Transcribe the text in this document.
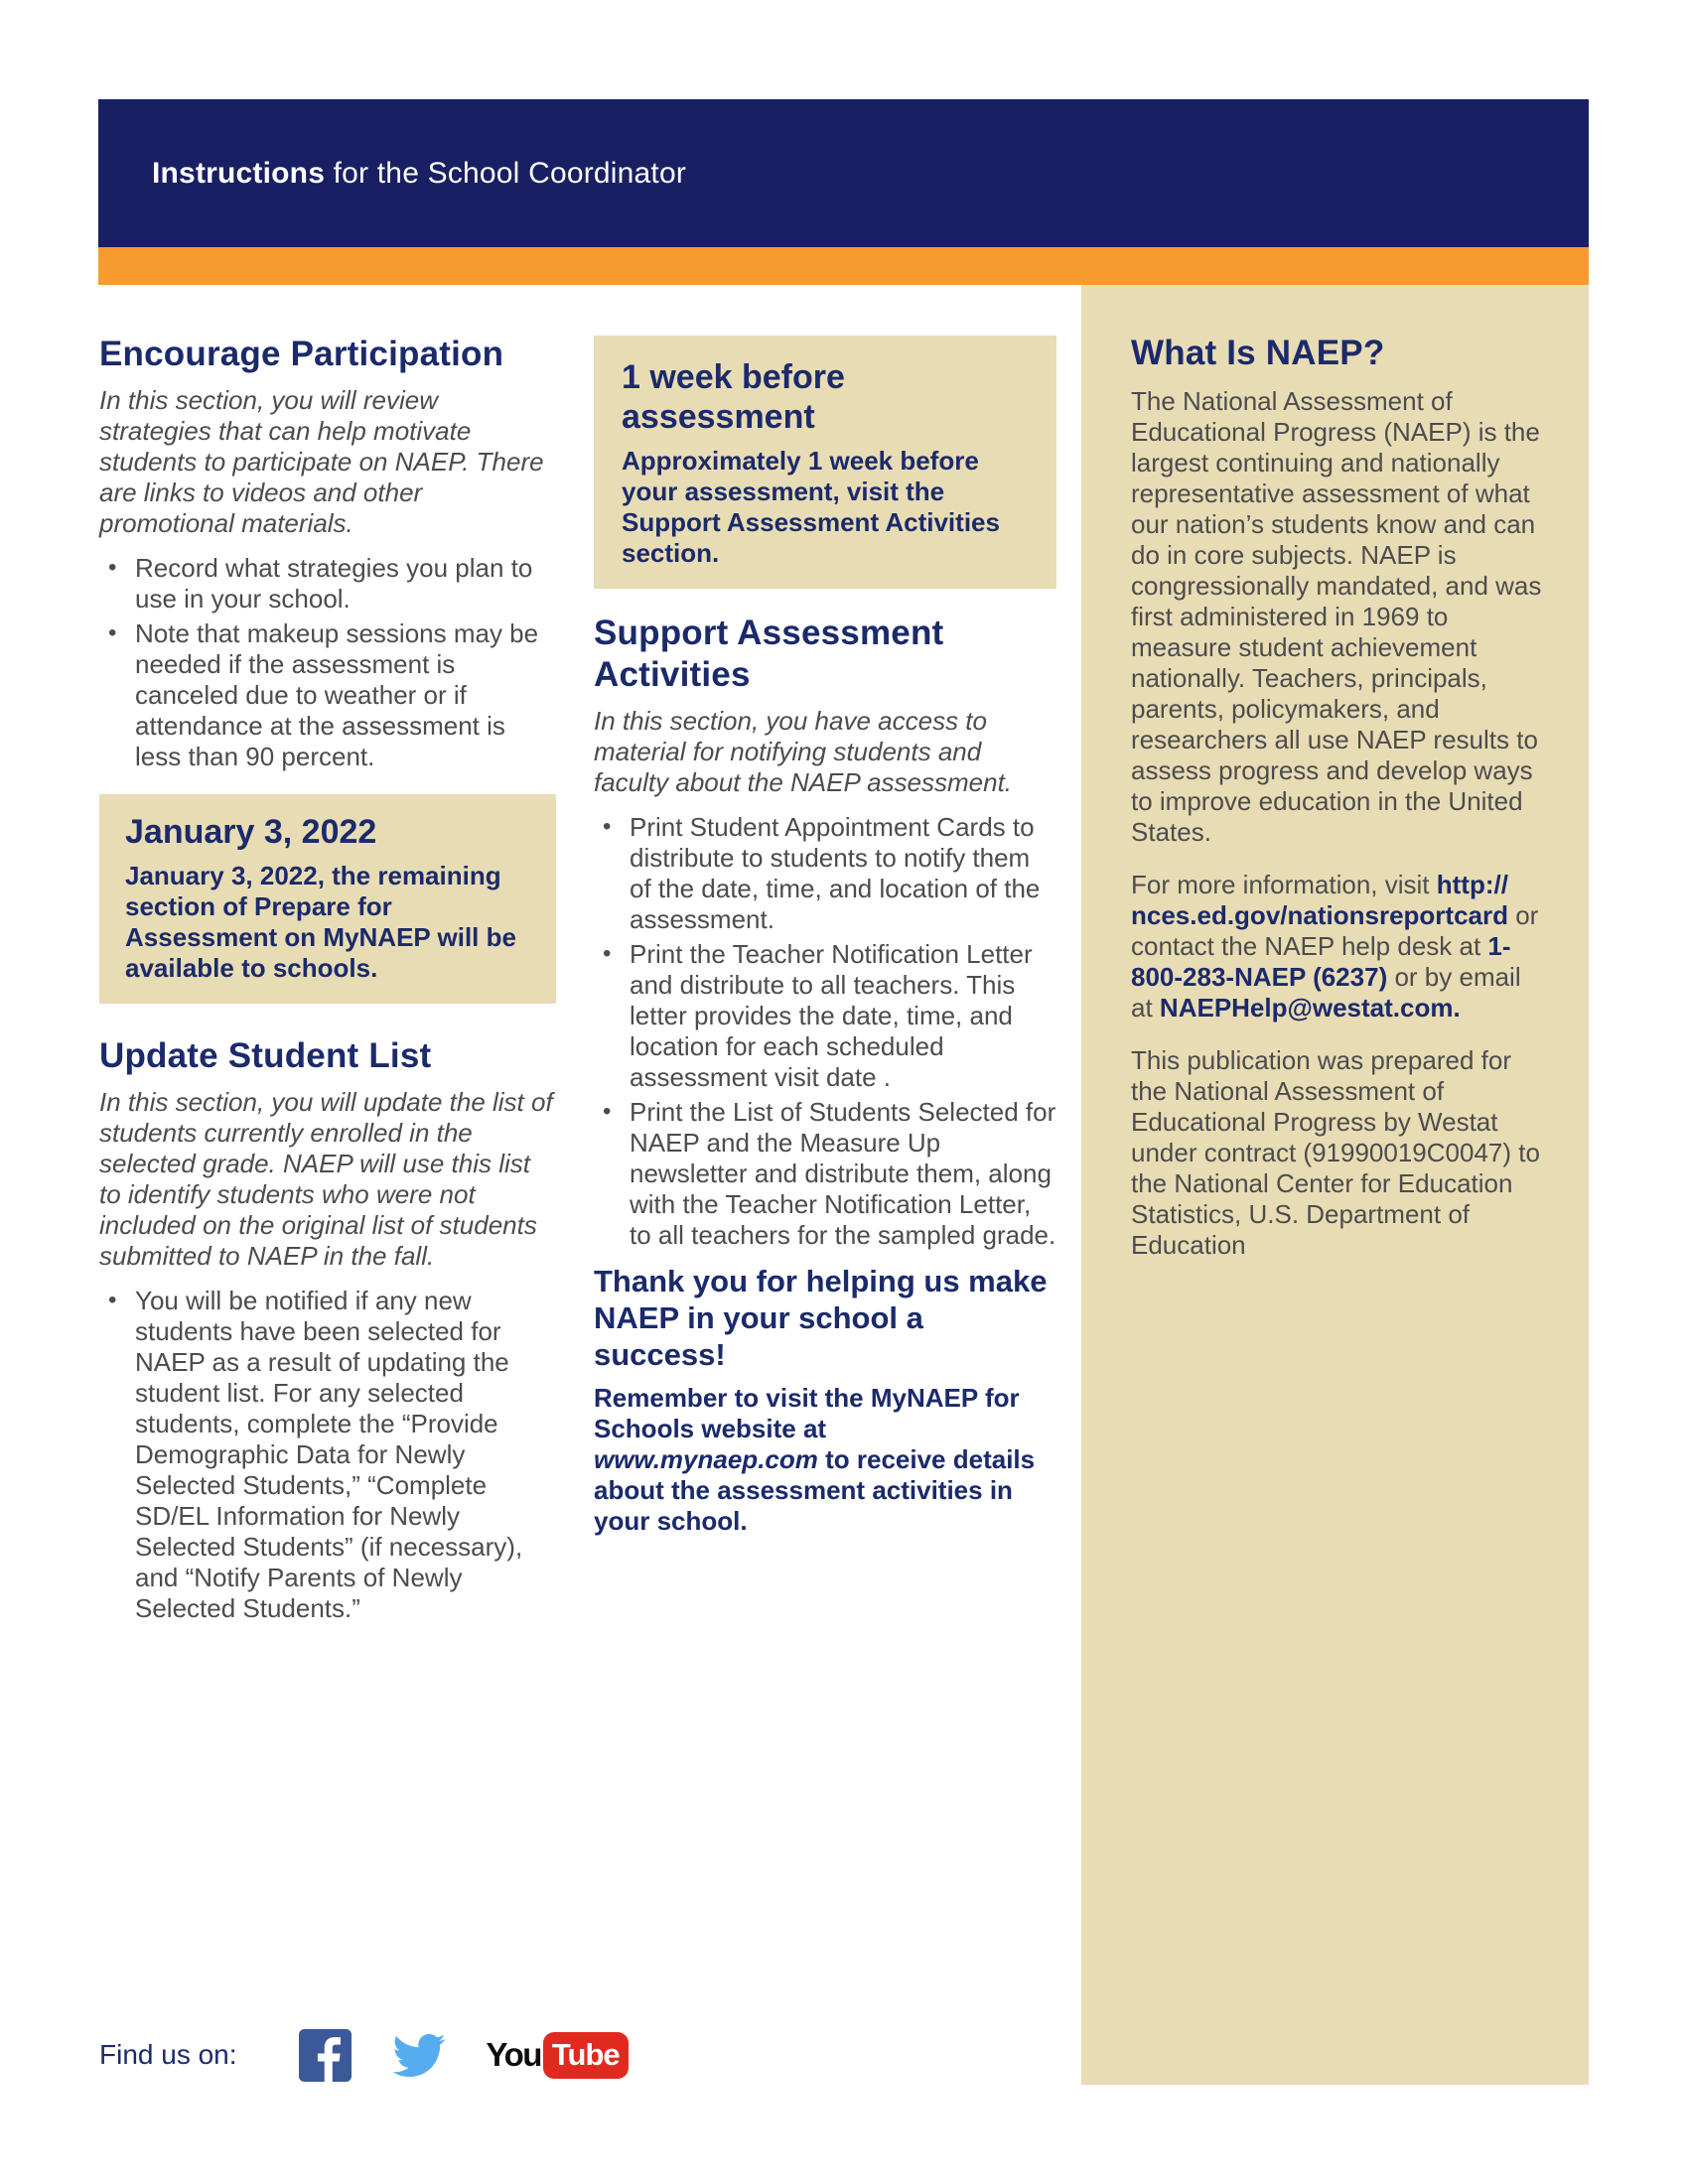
Instructions for the School Coordinator
Encourage Participation

In this section, you will review strategies that can help motivate students to participate on NAEP. There are links to videos and other promotional materials.

• Record what strategies you plan to use in your school.
• Note that makeup sessions may be needed if the assessment is canceled due to weather or if attendance at the assessment is less than 90 percent.
January 3, 2022

January 3, 2022, the remaining section of Prepare for Assessment on MyNAEP will be available to schools.

Update Student List

In this section, you will update the list of students currently enrolled in the selected grade. NAEP will use this list to identify students who were not included on the original list of students submitted to NAEP in the fall.

• You will be notified if any new students have been selected for NAEP as a result of updating the student list. For any selected students, complete the “Provide Demographic Data for Newly Selected Students,” “Complete SD/EL Information for Newly Selected Students” (if necessary), and “Notify Parents of Newly Selected Students.”
1 week before assessment

Approximately 1 week before your assessment, visit the Support Assessment Activities section.

Support Assessment Activities

In this section, you have access to material for notifying students and faculty about the NAEP assessment.

• Print Student Appointment Cards to distribute to students to notify them of the date, time, and location of the assessment.
• Print the Teacher Notification Letter and distribute to all teachers. This letter provides the date, time, and location for each scheduled assessment visit date .
• Print the List of Students Selected for NAEP and the Measure Up newsletter and distribute them, along with the Teacher Notification Letter, to all teachers for the sampled grade.
Thank you for helping us make NAEP in your school a success!

Remember to visit the MyNAEP for Schools website at www.mynaep.com to receive details about the assessment activities in your school.

What Is NAEP?

The National Assessment of Educational Progress (NAEP) is the largest continuing and nationally representative assessment of what our nation’s students know and can do in core subjects. NAEP is congressionally mandated, and was first administered in 1969 to measure student achievement nationally. Teachers, principals, parents, policymakers, and researchers all use NAEP results to assess progress and develop ways to improve education in the United States.

For more information, visit http://nces.ed.gov/nationsreportcard or contact the NAEP help desk at 1-800-283-NAEP (6237) or by email at NAEPHelp@westat.com.

This publication was prepared for the National Assessment of Educational Progress by Westat under contract (91990019C0047) to the National Center for Education Statistics, U.S. Department of Education

Find us on:	You Tube
